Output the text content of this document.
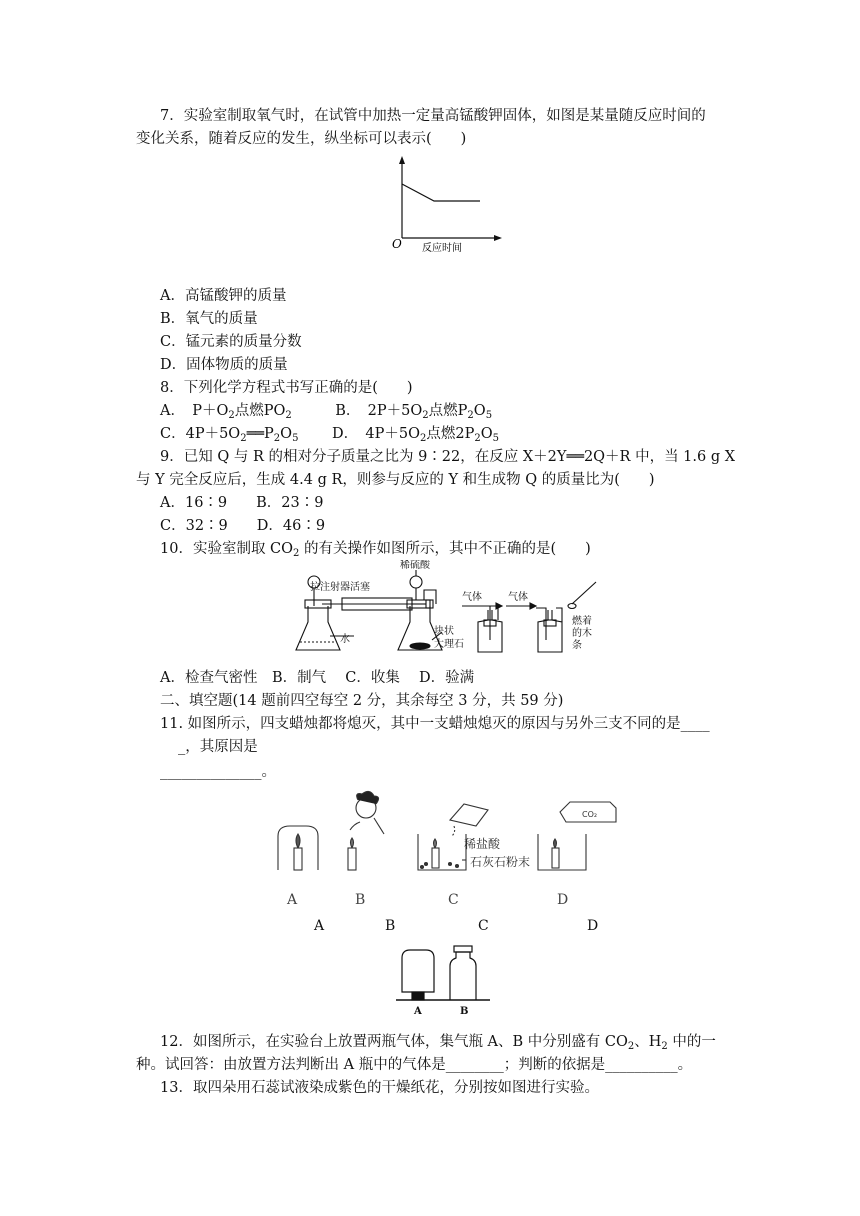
7．实验室制取氧气时，在试管中加热一定量高锰酸钾固体，如图是某量随反应时间的
变化关系，随着反应的发生，纵坐标可以表示(　　)
O 反应时间
A．高锰酸钾的质量
B．氧气的质量
C．锰元素的质量分数
D．固体物质的质量
8．下列化学方程式书写正确的是(　　)
A．　$P+O_2$点燃$PO_2$　　　B．　$2P+5O_2$点燃$P_2O_5$
C．$4P+5O_2══P_2O_5$　　 D．　$4P+5O_2$点燃$2P_2O_5$
9．已知 Q 与 R 的相对分子质量之比为 9∶22，在反应 X＋2Y══2Q＋R 中，当 1.6 g X
与 Y 完全反应后，生成 4.4 g R，则参与反应的 Y 和生成物 Q 的质量比为(　　)
A．16∶9　　B．23∶9
C．32∶9　　D．46∶9
10．实验室制取 $CO_2$ 的有关操作如图所示，其中不正确的是(　　)
拉注射器活塞
稀硫酸
气体	气体
水
块状
大理石
燃着
的木
条
A．检查气密性　B．制气　 C．收集　 D．验满
二、填空题(14 题前四空每空 2 分，其余每空 3 分，共 59 分)
11. 如图所示，四支蜡烛都将熄灭，其中一支蜡烛熄灭的原因与另外三支不同的是____
_，其原因是
______________。
稀盐酸
石灰石粉末
CO₂
A	B	C	D
A	B	C	D
A	B
12．如图所示，在实验台上放置两瓶气体，集气瓶 A、B 中分别盛有 $CO_2$、$H_2$ 中的一
种。试回答：由放置方法判断出 A 瓶中的气体是________；判断的依据是__________。
13．取四朵用石蕊试液染成紫色的干燥纸花，分别按如图进行实验。
